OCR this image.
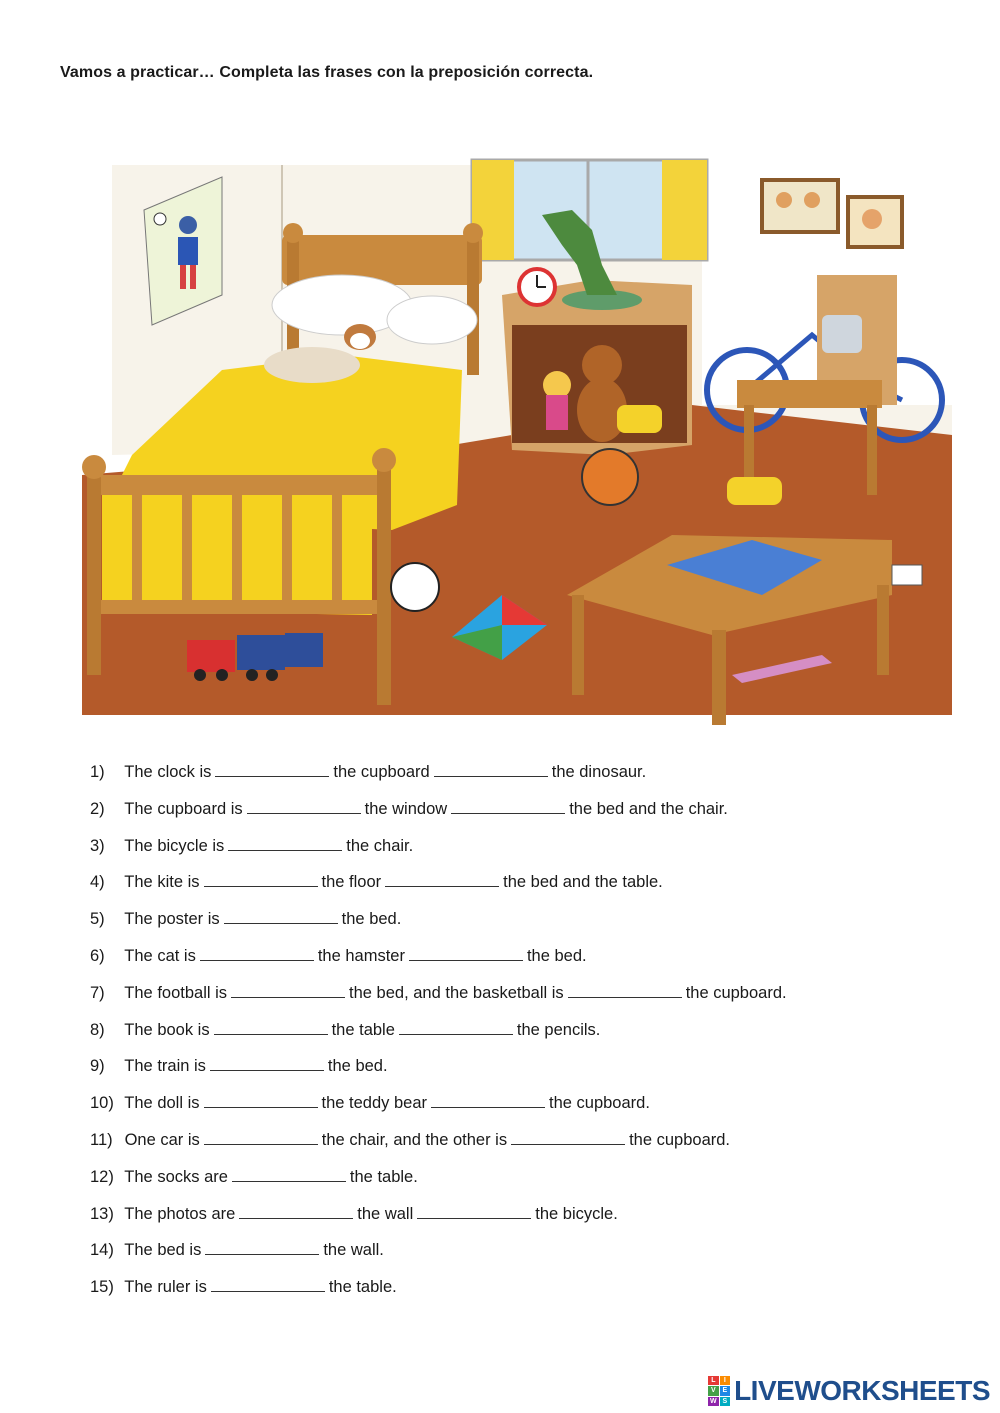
Vamos a practicar… Completa las frases con la preposición correcta.
1) The clock is	the cupboard	the dinosaur.
2) The cupboard is	the window	the bed and the chair.
3) The bicycle is	the chair.
4) The kite is	the floor	the bed and the table.
5) The poster is	the bed.
6) The cat is	the hamster	the bed.
7) The football is	the bed, and the basketball is	the cupboard.
8) The book is	the table	the pencils.
9) The train is	the bed.
10) The doll is	the teddy bear	the cupboard.
11) One car is	the chair, and the other is	the cupboard.
12) The socks are	the table.
13) The photos are	the wall	the bicycle.
14) The bed is	the wall.
15) The ruler is	the table.
L	I
V E
W S LIVEWORKSHEETS
